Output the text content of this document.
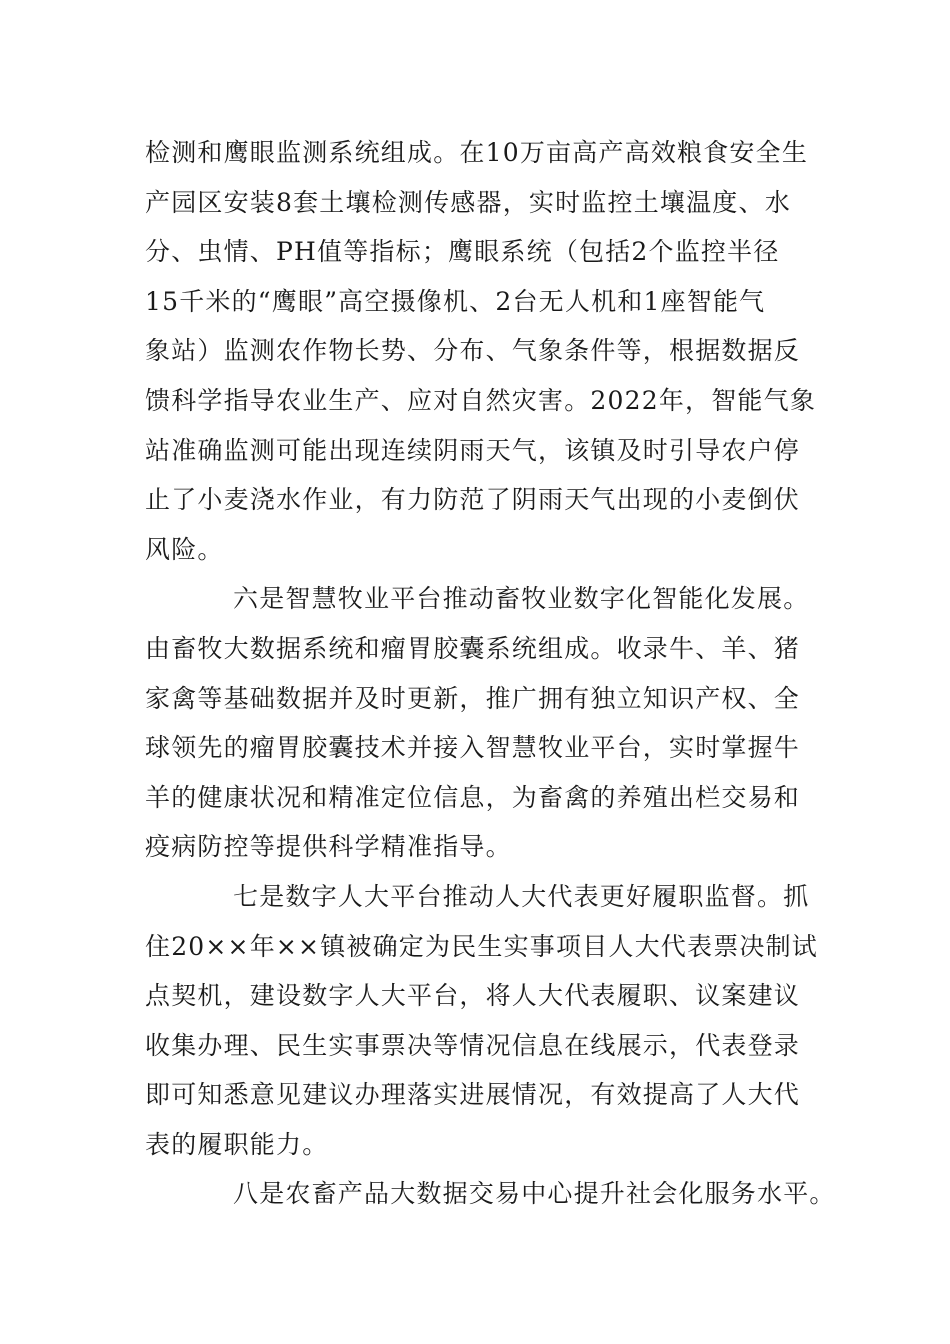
检测和鹰眼监测系统组成。在10万亩高产高效粮食安全生
产园区安装8套土壤检测传感器，实时监控土壤温度、水
分、虫情、PH值等指标；鹰眼系统（包括2个监控半径
15千米的“鹰眼”高空摄像机、2台无人机和1座智能气
象站）监测农作物长势、分布、气象条件等，根据数据反
馈科学指导农业生产、应对自然灾害。2022年，智能气象
站准确监测可能出现连续阴雨天气，该镇及时引导农户停
止了小麦浇水作业，有力防范了阴雨天气出现的小麦倒伏
风险。
六是智慧牧业平台推动畜牧业数字化智能化发展。
由畜牧大数据系统和瘤胃胶囊系统组成。收录牛、羊、猪
家禽等基础数据并及时更新，推广拥有独立知识产权、全
球领先的瘤胃胶囊技术并接入智慧牧业平台，实时掌握牛
羊的健康状况和精准定位信息，为畜禽的养殖出栏交易和
疫病防控等提供科学精准指导。
七是数字人大平台推动人大代表更好履职监督。抓
住20××年××镇被确定为民生实事项目人大代表票决制试
点契机，建设数字人大平台，将人大代表履职、议案建议
收集办理、民生实事票决等情况信息在线展示，代表登录
即可知悉意见建议办理落实进展情况，有效提高了人大代
表的履职能力。
八是农畜产品大数据交易中心提升社会化服务水平。
